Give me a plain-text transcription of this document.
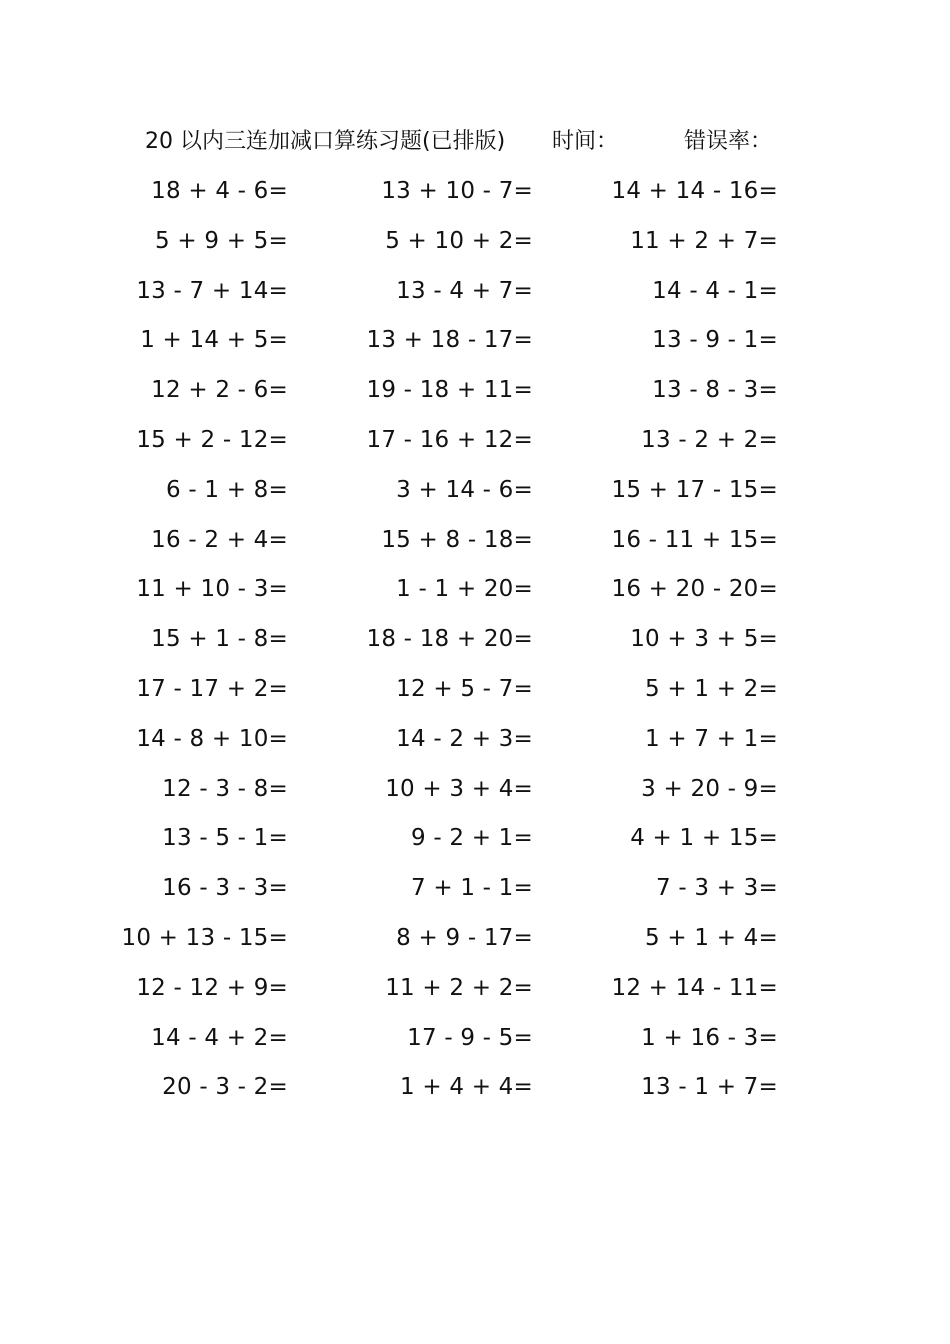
20 以内三连加减口算练习题(已排版) 时间：	错误率：
18 + 4 - 6=	13 + 10 - 7=	14 + 14 - 16=
5 + 9 + 5=	5 + 10 + 2=	11 + 2 + 7=
13 - 7 + 14=	13 - 4 + 7=	14 - 4 - 1=
1 + 14 + 5=	13 + 18 - 17=	13 - 9 - 1=
12 + 2 - 6=	19 - 18 + 11=	13 - 8 - 3=
15 + 2 - 12=	17 - 16 + 12=	13 - 2 + 2=
6 - 1 + 8=	3 + 14 - 6=	15 + 17 - 15=
16 - 2 + 4=	15 + 8 - 18=	16 - 11 + 15=
11 + 10 - 3=	1 - 1 + 20=	16 + 20 - 20=
15 + 1 - 8=	18 - 18 + 20=	10 + 3 + 5=
17 - 17 + 2=	12 + 5 - 7=	5 + 1 + 2=
14 - 8 + 10=	14 - 2 + 3=	1 + 7 + 1=
12 - 3 - 8=	10 + 3 + 4=	3 + 20 - 9=
13 - 5 - 1=	9 - 2 + 1=	4 + 1 + 15=
16 - 3 - 3=	7 + 1 - 1=	7 - 3 + 3=
10 + 13 - 15=	8 + 9 - 17=	5 + 1 + 4=
12 - 12 + 9=	11 + 2 + 2=	12 + 14 - 11=
14 - 4 + 2=	17 - 9 - 5=	1 + 16 - 3=
20 - 3 - 2=	1 + 4 + 4=	13 - 1 + 7=
